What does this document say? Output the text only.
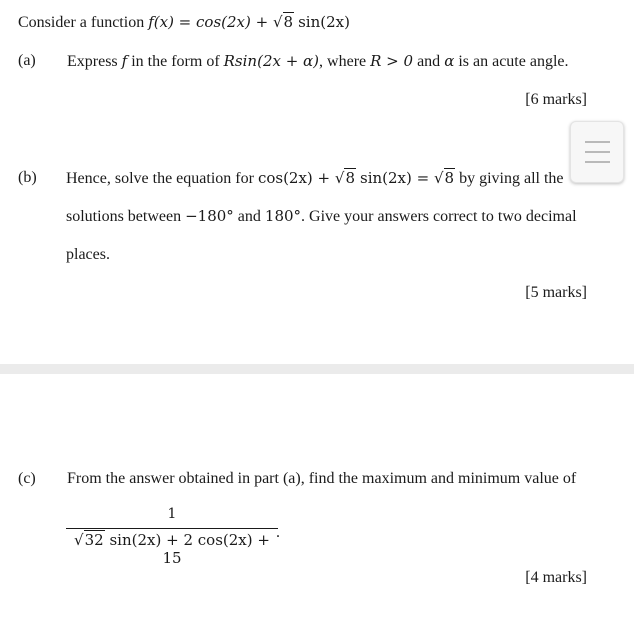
Consider a function f(x) = cos(2x) + √8 sin(2x)
(a) Express f in the form of Rsin(2x + α), where R > 0 and α is an acute angle.
[6 marks]
(b) Hence, solve the equation for cos(2x) + √8 sin(2x) = √8 by giving all the
solutions between −180° and 180°. Give your answers correct to two decimal
places.
[5 marks]
(c) From the answer obtained in part (a), find the maximum and minimum value of
1
√32 sin(2x) + 2 cos(2x) + 15
.
[4 marks]
